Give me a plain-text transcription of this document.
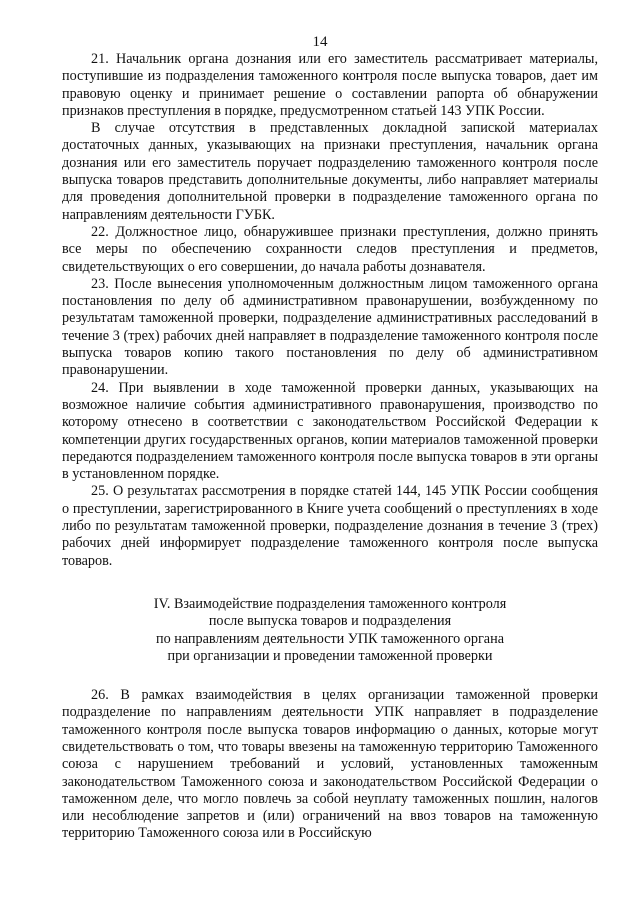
14

21. Начальник органа дознания или его заместитель рассматривает материалы, поступившие из подразделения таможенного контроля после выпуска товаров, дает им правовую оценку и принимает решение о составлении рапорта об обнаружении признаков преступления в порядке, предусмотренном статьей 143 УПК России.

В случае отсутствия в представленных докладной запиской материалах достаточных данных, указывающих на признаки преступления, начальник органа дознания или его заместитель поручает подразделению таможенного контроля после выпуска товаров представить дополнительные документы, либо направляет материалы для проведения дополнительной проверки в подразделение таможенного органа по направлениям деятельности ГУБК.

22. Должностное лицо, обнаружившее признаки преступления, должно принять все меры по обеспечению сохранности следов преступления и предметов, свидетельствующих о его совершении, до начала работы дознавателя.

23. После вынесения уполномоченным должностным лицом таможенного органа постановления по делу об административном правонарушении, возбужденному по результатам таможенной проверки, подразделение административных расследований в течение 3 (трех) рабочих дней направляет в подразделение таможенного контроля после выпуска товаров копию такого постановления по делу об административном правонарушении.

24. При выявлении в ходе таможенной проверки данных, указывающих на возможное наличие события административного правонарушения, производство по которому отнесено в соответствии с законодательством Российской Федерации к компетенции других государственных органов, копии материалов таможенной проверки передаются подразделением таможенного контроля после выпуска товаров в эти органы в установленном порядке.

25. О результатах рассмотрения в порядке статей 144, 145 УПК России сообщения о преступлении, зарегистрированного в Книге учета сообщений о преступлениях в ходе либо по результатам таможенной проверки, подразделение дознания в течение 3 (трех) рабочих дней информирует подразделение таможенного контроля после выпуска товаров.

IV. Взаимодействие подразделения таможенного контроля
после выпуска товаров и подразделения
по направлениям деятельности УПК таможенного органа
при организации и проведении таможенной проверки

26. В рамках взаимодействия в целях организации таможенной проверки подразделение по направлениям деятельности УПК направляет в подразделение таможенного контроля после выпуска товаров информацию о данных, которые могут свидетельствовать о том, что товары ввезены на таможенную территорию Таможенного союза с нарушением требований и условий, установленных таможенным законодательством Таможенного союза и законодательством Российской Федерации о таможенном деле, что могло повлечь за собой неуплату таможенных пошлин, налогов или несоблюдение запретов и (или) ограничений на ввоз товаров на таможенную территорию Таможенного союза или в Российскую
